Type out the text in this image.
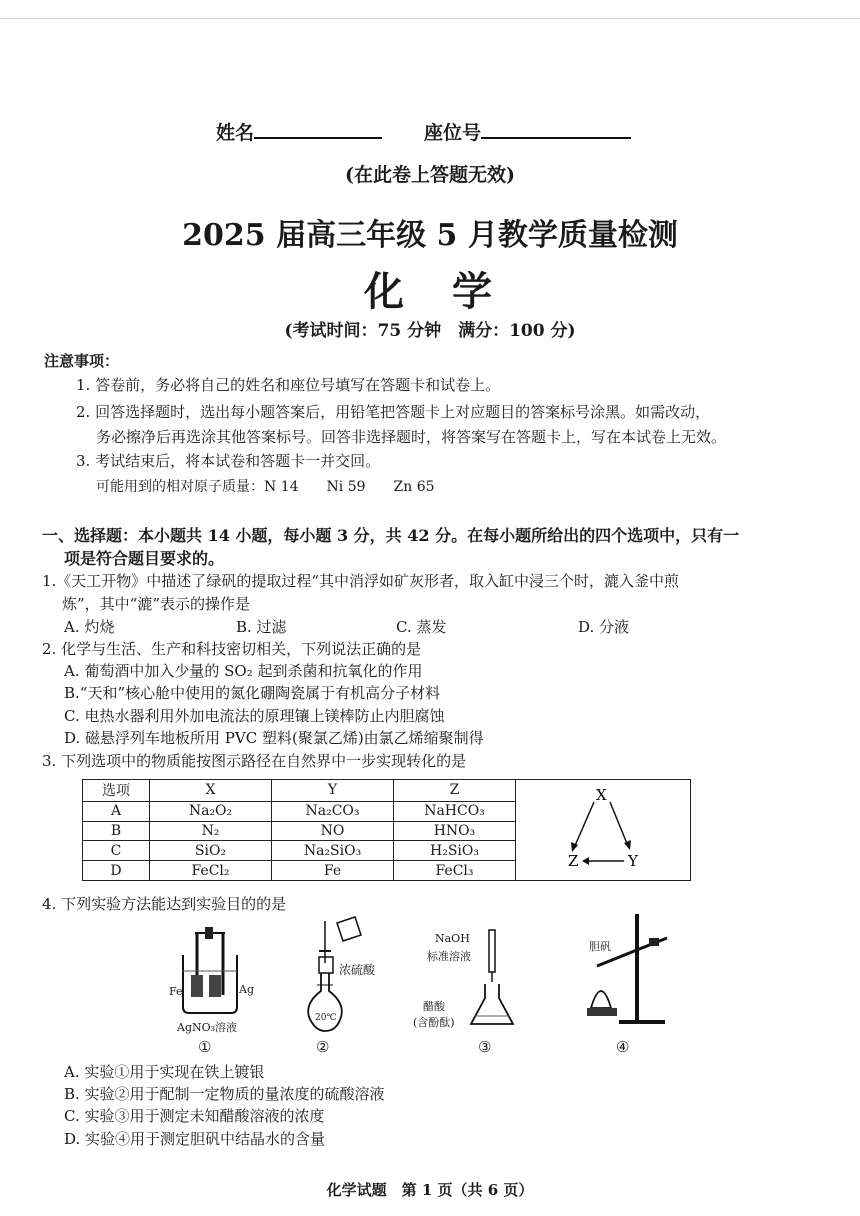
姓名	座位号
(在此卷上答题无效)
2025 届高三年级 5 月教学质量检测
化　学
(考试时间：75 分钟　满分：100 分)
注意事项：
1. 答卷前，务必将自己的姓名和座位号填写在答题卡和试卷上。
2. 回答选择题时，选出每小题答案后，用铅笔把答题卡上对应题目的答案标号涂黑。如需改动，
务必擦净后再选涂其他答案标号。回答非选择题时，将答案写在答题卡上，写在本试卷上无效。
3. 考试结束后，将本试卷和答题卡一并交回。
可能用到的相对原子质量：N 14　　Ni 59　　Zn 65
一、选择题：本小题共 14 小题，每小题 3 分，共 42 分。在每小题所给出的四个选项中，只有一
项是符合题目要求的。
1.《天工开物》中描述了绿矾的提取过程“其中消浮如矿灰形者，取入缸中浸三个时，漉入釜中煎
炼”，其中“漉”表示的操作是
A. 灼烧	B. 过滤	C. 蒸发	D. 分液
2. 化学与生活、生产和科技密切相关，下列说法正确的是
A. 葡萄酒中加入少量的 SO₂ 起到杀菌和抗氧化的作用
B.“天和”核心舱中使用的氮化硼陶瓷属于有机高分子材料
C. 电热水器利用外加电流法的原理镶上镁棒防止内胆腐蚀
D. 磁悬浮列车地板所用 PVC 塑料(聚氯乙烯)由氯乙烯缩聚制得
3. 下列选项中的物质能按图示路径在自然界中一步实现转化的是
选项	X	Y	Z	X
Z Y

A	Na₂O₂	Na₂CO₃	NaHCO₃	
B	N₂	NO	HNO₃	
C	SiO₂	Na₂SiO₃	H₂SiO₃	
D	FeCl₂	Fe	FeCl₃	
4. 下列实验方法能达到实验目的的是
Fe	Ag
AgNO₃溶液
①
浓硫酸
20℃
②
NaOH
标准溶液
醋酸
(含酚酞)
③
胆矾
④
A. 实验①用于实现在铁上镀银
B. 实验②用于配制一定物质的量浓度的硫酸溶液
C. 实验③用于测定未知醋酸溶液的浓度
D. 实验④用于测定胆矾中结晶水的含量
化学试题　第 1 页（共 6 页）
